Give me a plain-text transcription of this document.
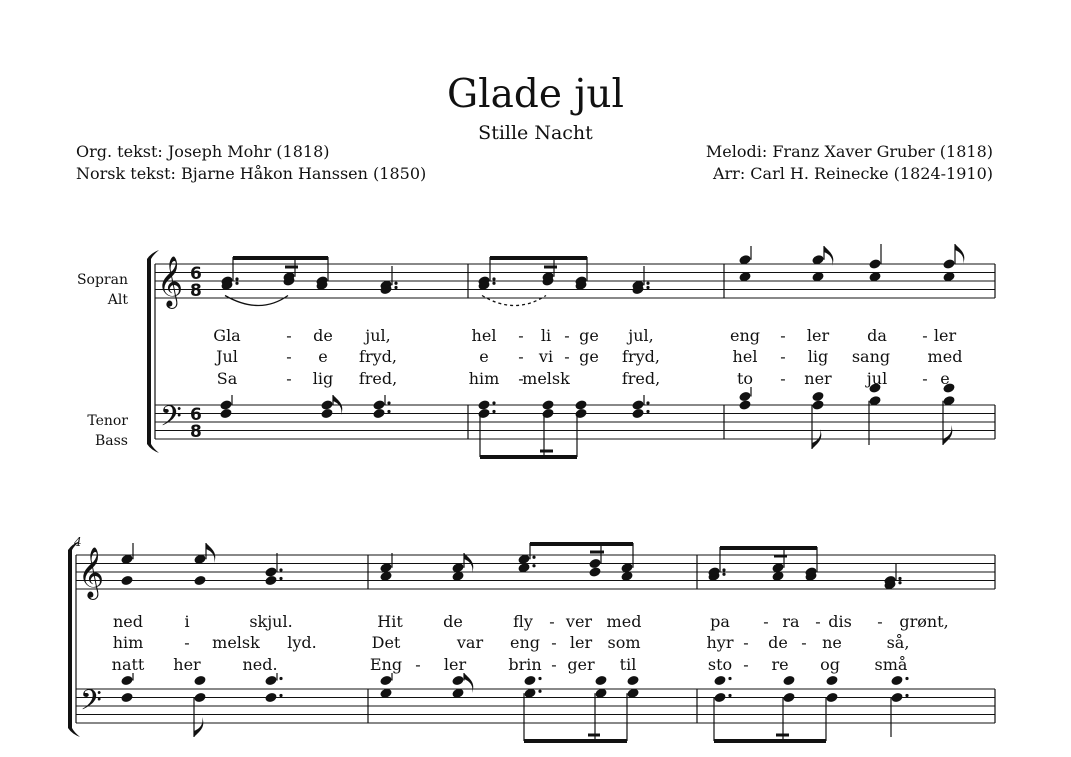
Glade jul
Stille Nacht
Org. tekst: Joseph Mohr (1818)
Norsk tekst: Bjarne Håkon Hanssen (1850)
Melodi: Franz Xaver Gruber (1818)
Arr: Carl H. Reinecke (1824-1910)
Sopran
Alt
Tenor
Bass
𝄞
𝄢
6
8
6
8
Gla	- de jul,	hel - li - ge jul,	eng - ler da - ler
Jul	- e fryd,	e - vi - ge fryd,	hel - lig sang med
Sa	- lig fred,	him -
melsk	fred,	to - ner jul - e
4
𝄞
𝄢
ned	i	skjul.	Hit	de	fly - ver med	pa - ra - dis - grønt,
him	- melsk lyd.	Det	var eng - ler som	hyr - de - ne	så,
natt her	ned.	Eng - ler	brin - ger til	sto - re og små
